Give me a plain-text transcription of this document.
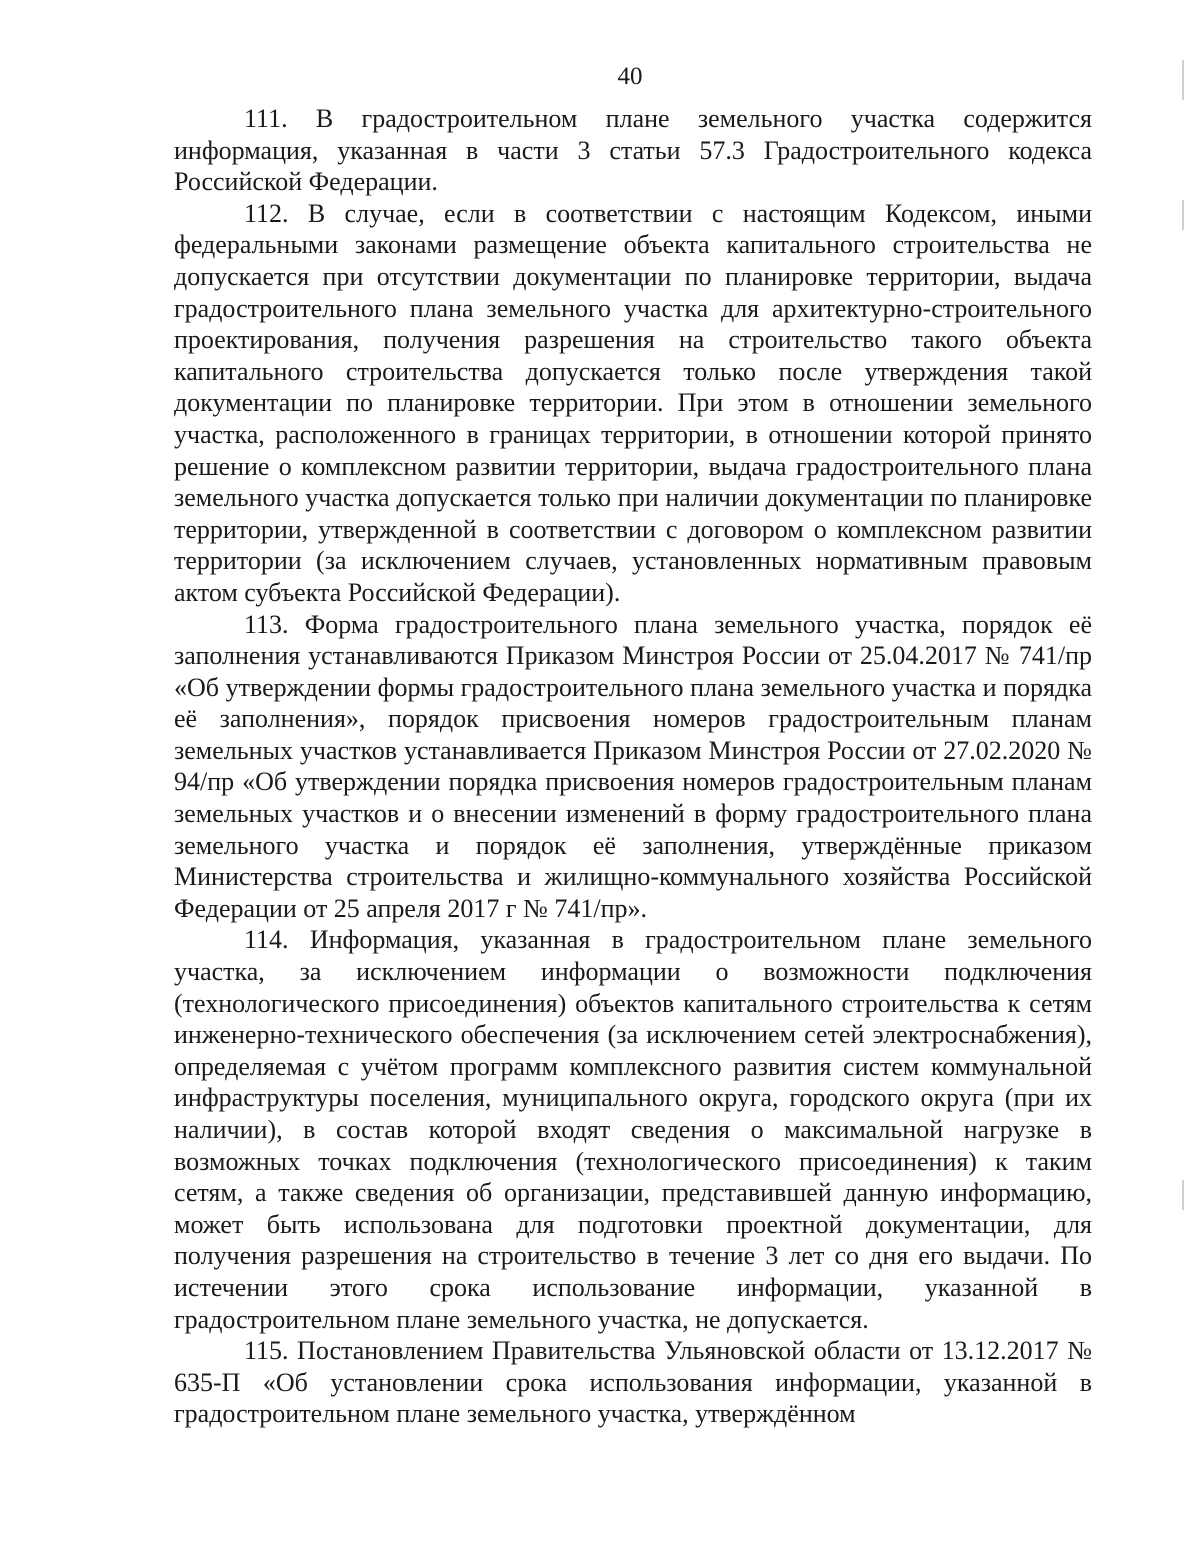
40

111. В градостроительном плане земельного участка содержится информация, указанная в части 3 статьи 57.3 Градостроительного кодекса Российской Федерации.

112. В случае, если в соответствии с настоящим Кодексом, иными федеральными законами размещение объекта капитального строительства не допускается при отсутствии документации по планировке территории, выдача градостроительного плана земельного участка для архитектурно-строительного проектирования, получения разрешения на строительство такого объекта капитального строительства допускается только после утверждения такой документации по планировке территории. При этом в отношении земельного участка, расположенного в границах территории, в отношении которой принято решение о комплексном развитии территории, выдача градостроительного плана земельного участка допускается только при наличии документации по планировке территории, утвержденной в соответствии с договором о комплексном развитии территории (за исключением случаев, установленных нормативным правовым актом субъекта Российской Федерации).

113. Форма градостроительного плана земельного участка, порядок её заполнения устанавливаются Приказом Минстроя России от 25.04.2017 № 741/пр «Об утверждении формы градостроительного плана земельного участка и порядка её заполнения», порядок присвоения номеров градостроительным планам земельных участков устанавливается Приказом Минстроя России от 27.02.2020 № 94/пр «Об утверждении порядка присвоения номеров градостроительным планам земельных участков и о внесении изменений в форму градостроительного плана земельного участка и порядок её заполнения, утверждённые приказом Министерства строительства и жилищно-коммунального хозяйства Российской Федерации от 25 апреля 2017 г № 741/пр».

114. Информация, указанная в градостроительном плане земельного участка, за исключением информации о возможности подключения (технологического присоединения) объектов капитального строительства к сетям инженерно-технического обеспечения (за исключением сетей электроснабжения), определяемая с учётом программ комплексного развития систем коммунальной инфраструктуры поселения, муниципального округа, городского округа (при их наличии), в состав которой входят сведения о максимальной нагрузке в возможных точках подключения (технологического присоединения) к таким сетям, а также сведения об организации, представившей данную информацию, может быть использована для подготовки проектной документации, для получения разрешения на строительство в течение 3 лет со дня его выдачи. По истечении этого срока использование информации, указанной в градостроительном плане земельного участка, не допускается.

115. Постановлением Правительства Ульяновской области от 13.12.2017 № 635-П «Об установлении срока использования информации, указанной в градостроительном плане земельного участка, утверждённом
